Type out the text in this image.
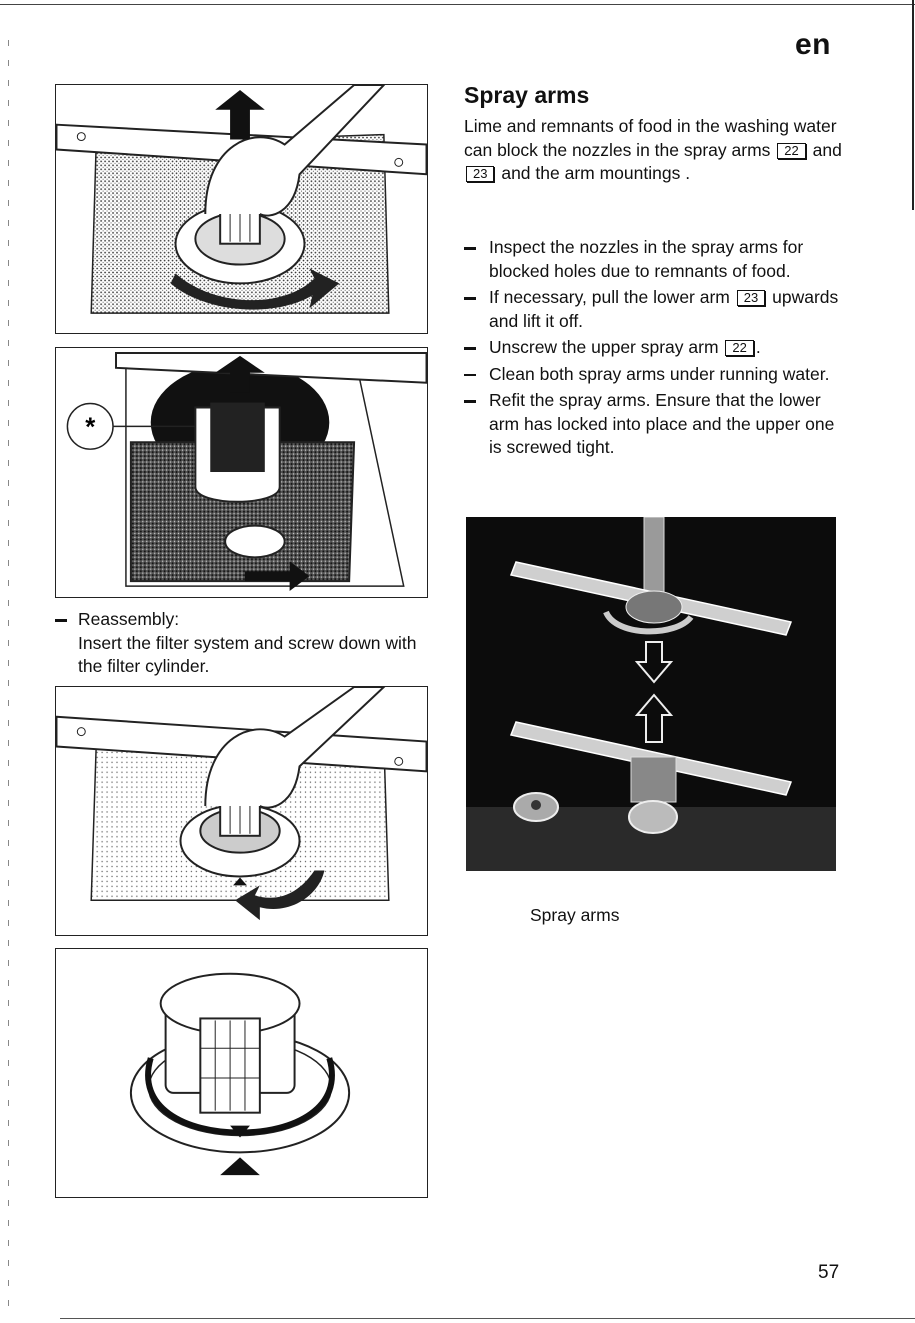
en
*
Reassembly:
Insert the filter system and screw down with the filter cylinder.
Spray arms
Lime and remnants of food in the washing water can block the nozzles in the spray arms 22 and 23 and the arm mountings .
Inspect the nozzles in the spray arms for blocked holes due to remnants of food.
If necessary, pull the lower arm 23 upwards and lift it off.
Unscrew the upper spray arm 22 .
Clean both spray arms under running water.
Refit the spray arms. Ensure that the lower arm has locked into place and the upper one is screwed tight.
Spray arms
57
